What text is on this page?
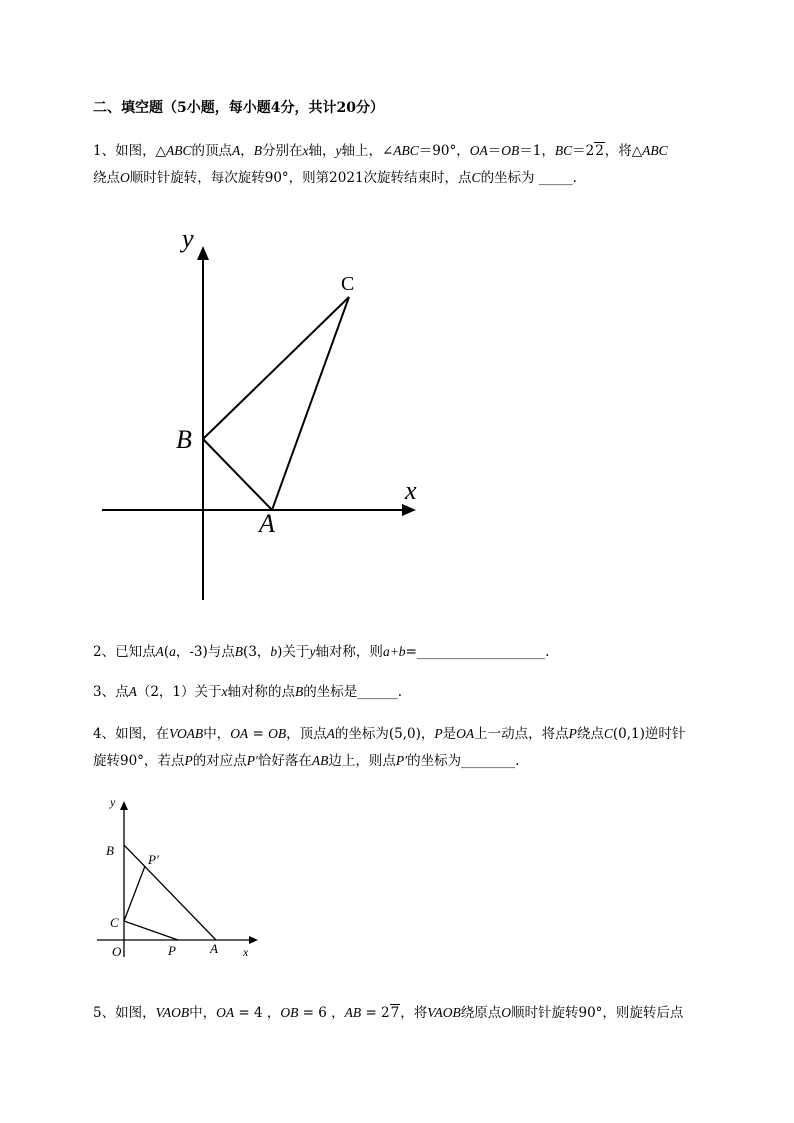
二、填空题（5小题，每小题4分，共计20分）
1、如图，△ABC的顶点A，B分别在x轴，y轴上，∠ABC＝90°，OA＝OB＝1，BC＝22，将△ABC
绕点O顺时针旋转，每次旋转90°，则第2021次旋转结束时，点C的坐标为 _____.
y
x
B
A
C
y
x
B
P′
C
O	P	A
2、已知点A(a，-3)与点B(3，b)关于y轴对称，则a+b=___________________.
3、点A（2，1）关于x轴对称的点B的坐标是______.
4、如图，在VOAB中，OA = OB，顶点A的坐标为(5,0)，P是OA上一动点，将点P绕点C(0,1)逆时针
旋转90°，若点P的对应点P′恰好落在AB边上，则点P′的坐标为________.
5、如图，VAOB中，OA = 4 ，OB = 6 ，AB = 27，将VAOB绕原点O顺时针旋转90°，则旋转后点
